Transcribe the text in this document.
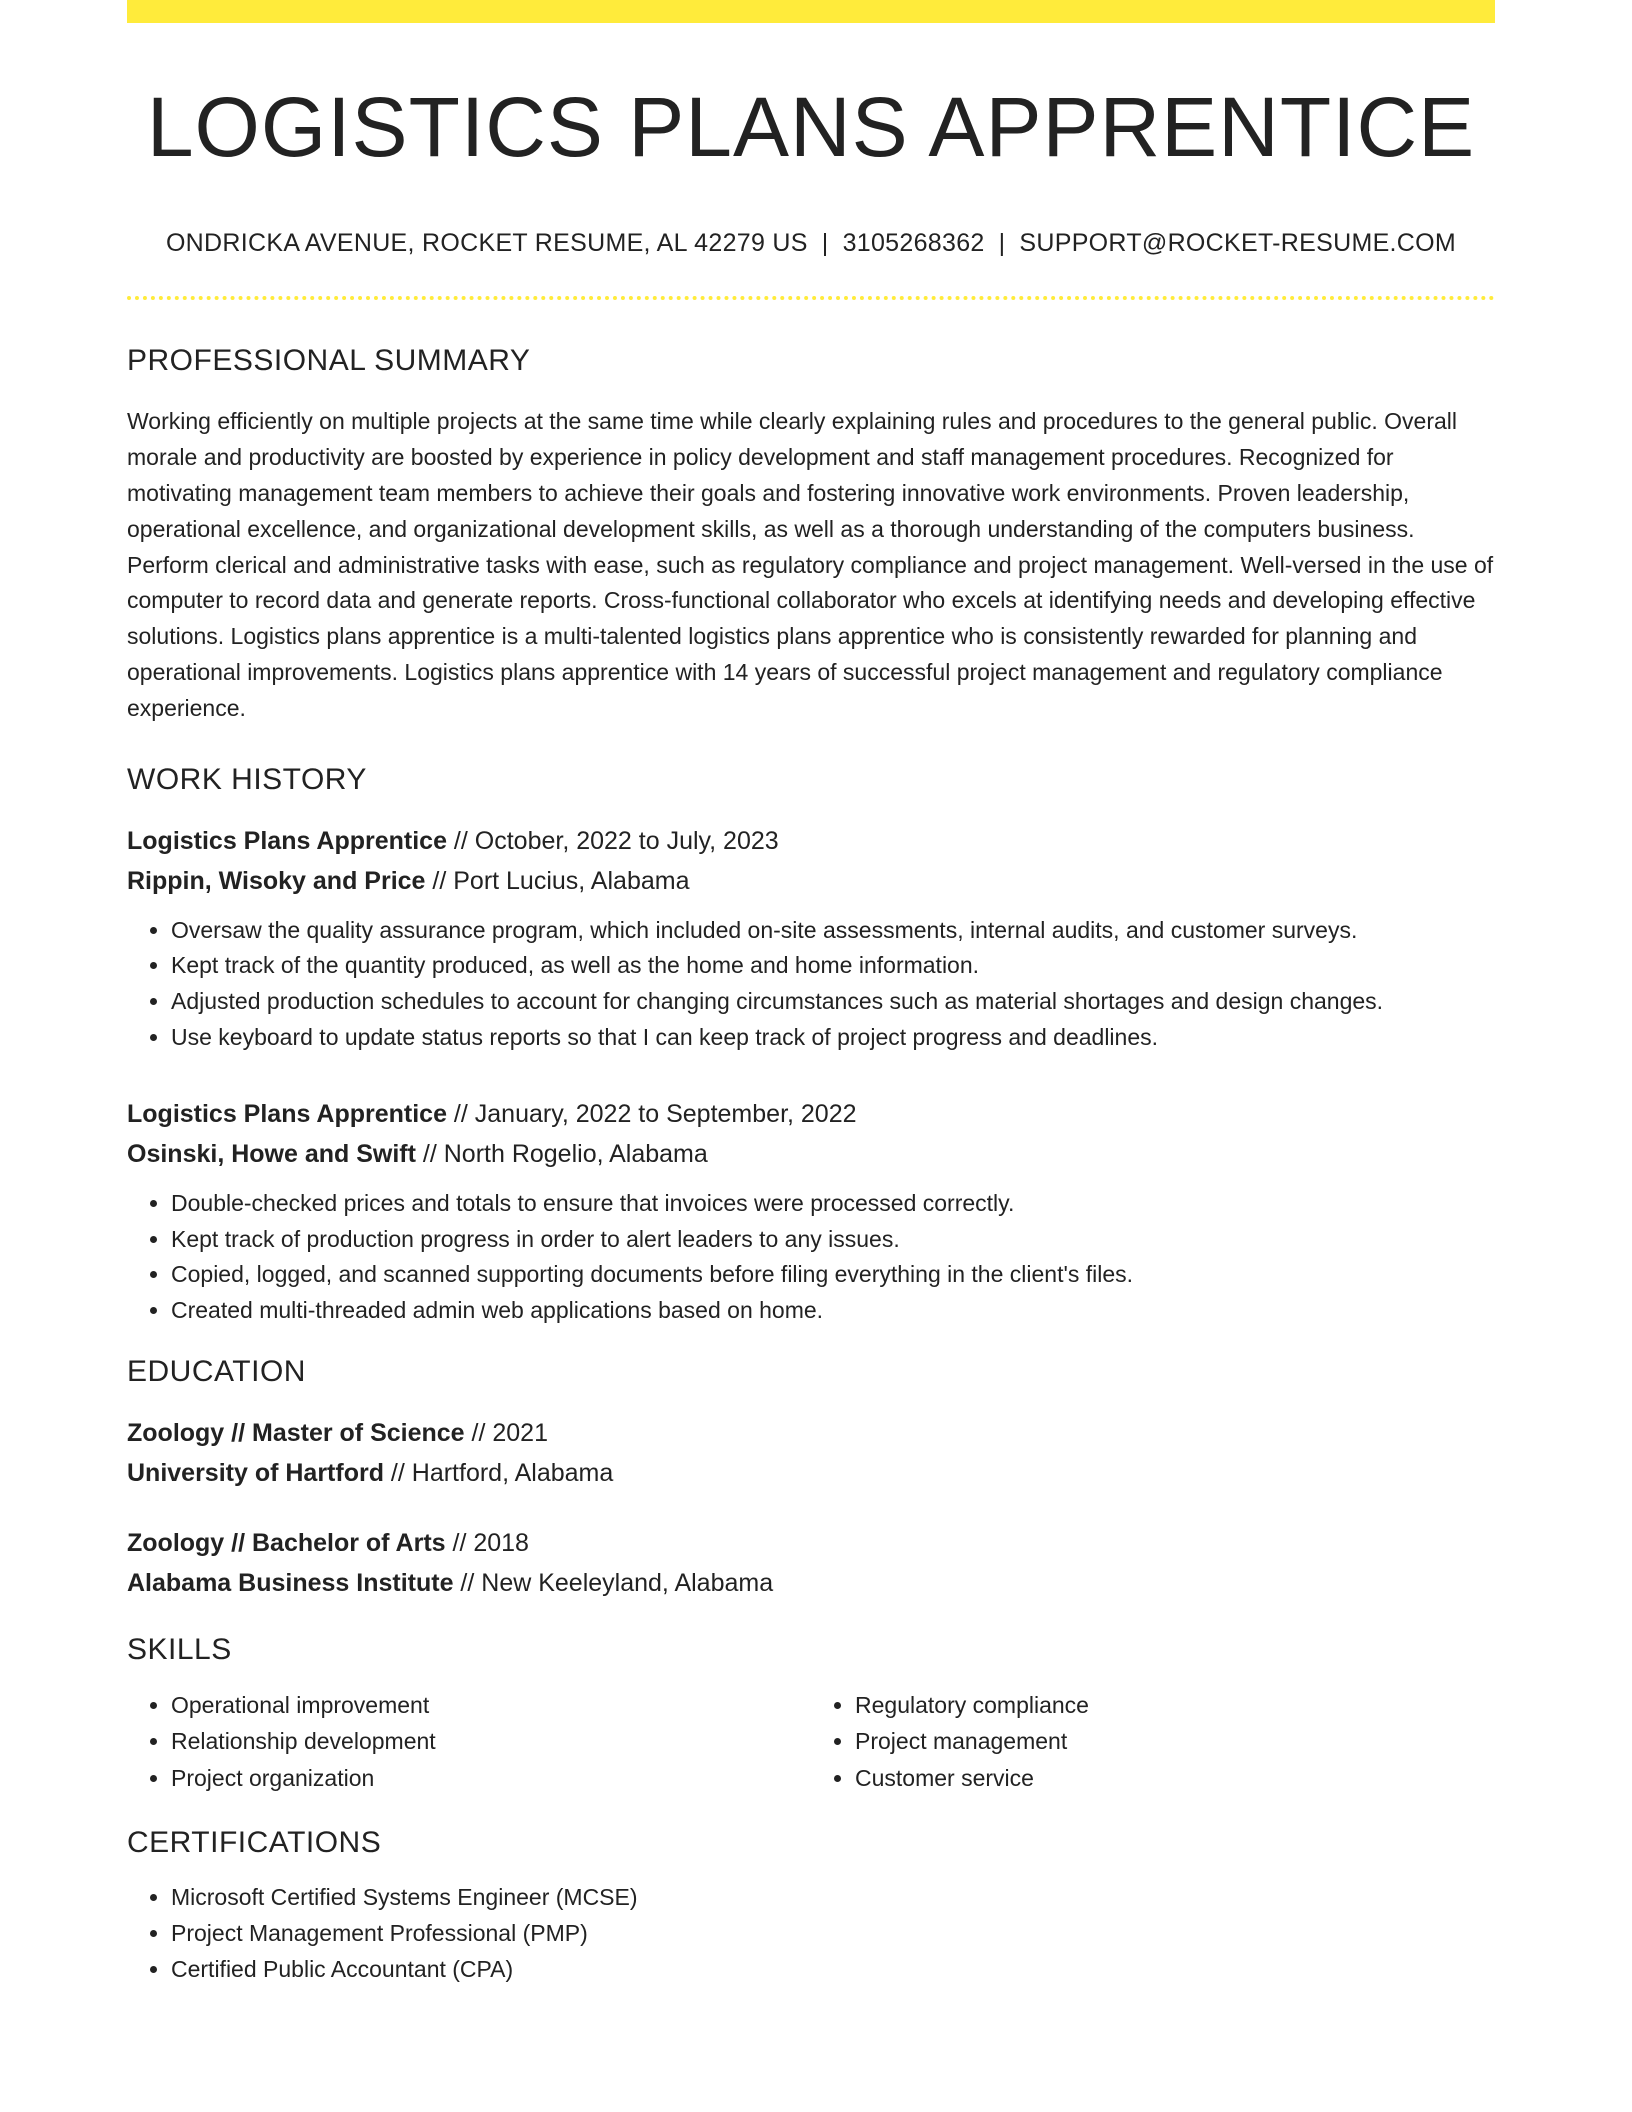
LOGISTICS PLANS APPRENTICE
ONDRICKA AVENUE, ROCKET RESUME, AL 42279 US | 3105268362 | SUPPORT@ROCKET-RESUME.COM
PROFESSIONAL SUMMARY

Working efficiently on multiple projects at the same time while clearly explaining rules and procedures to the general public. Overall morale and productivity are boosted by experience in policy development and staff management procedures. Recognized for motivating management team members to achieve their goals and fostering innovative work environments. Proven leadership, operational excellence, and organizational development skills, as well as a thorough understanding of the computers business. Perform clerical and administrative tasks with ease, such as regulatory compliance and project management. Well-versed in the use of computer to record data and generate reports. Cross-functional collaborator who excels at identifying needs and developing effective solutions. Logistics plans apprentice is a multi-talented logistics plans apprentice who is consistently rewarded for planning and operational improvements. Logistics plans apprentice with 14 years of successful project management and regulatory compliance experience.

WORK HISTORY

Logistics Plans Apprentice // October, 2022 to July, 2023

Rippin, Wisoky and Price // Port Lucius, Alabama

• Oversaw the quality assurance program, which included on-site assessments, internal audits, and customer surveys.
• Kept track of the quantity produced, as well as the home and home information.
• Adjusted production schedules to account for changing circumstances such as material shortages and design changes.
• Use keyboard to update status reports so that I can keep track of project progress and deadlines.

Logistics Plans Apprentice // January, 2022 to September, 2022

Osinski, Howe and Swift // North Rogelio, Alabama

• Double-checked prices and totals to ensure that invoices were processed correctly.
• Kept track of production progress in order to alert leaders to any issues.
• Copied, logged, and scanned supporting documents before filing everything in the client's files.
• Created multi-threaded admin web applications based on home.
EDUCATION

Zoology // Master of Science // 2021

University of Hartford // Hartford, Alabama

Zoology // Bachelor of Arts // 2018

Alabama Business Institute // New Keeleyland, Alabama

SKILLS
• Operational improvement
• Relationship development
• Project organization
• Regulatory compliance
• Project management
• Customer service
CERTIFICATIONS
• Microsoft Certified Systems Engineer (MCSE)
• Project Management Professional (PMP)
• Certified Public Accountant (CPA)
